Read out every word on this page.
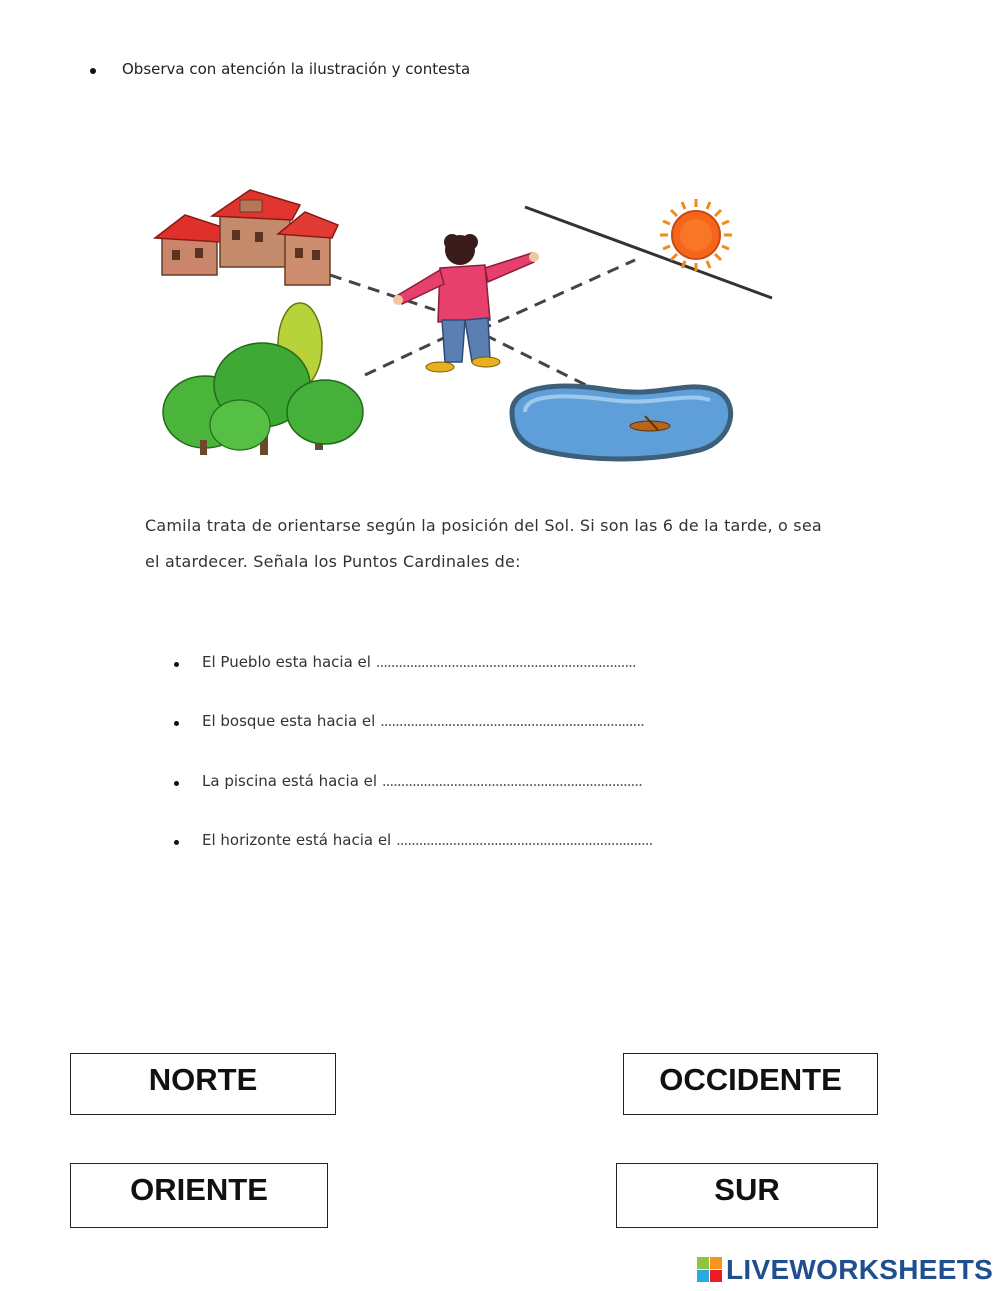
Observa con atención la ilustración y contesta
Camila trata de orientarse según la posición del Sol. Si son las 6 de la tarde, o sea
el atardecer. Señala los Puntos Cardinales de:
El Pueblo esta hacia el .....................................................................
El bosque esta hacia el ......................................................................
La piscina está hacia el .....................................................................
El horizonte está hacia el ....................................................................
NORTE	OCCIDENTE
ORIENTE	SUR
LIVEWORKSHEETS
